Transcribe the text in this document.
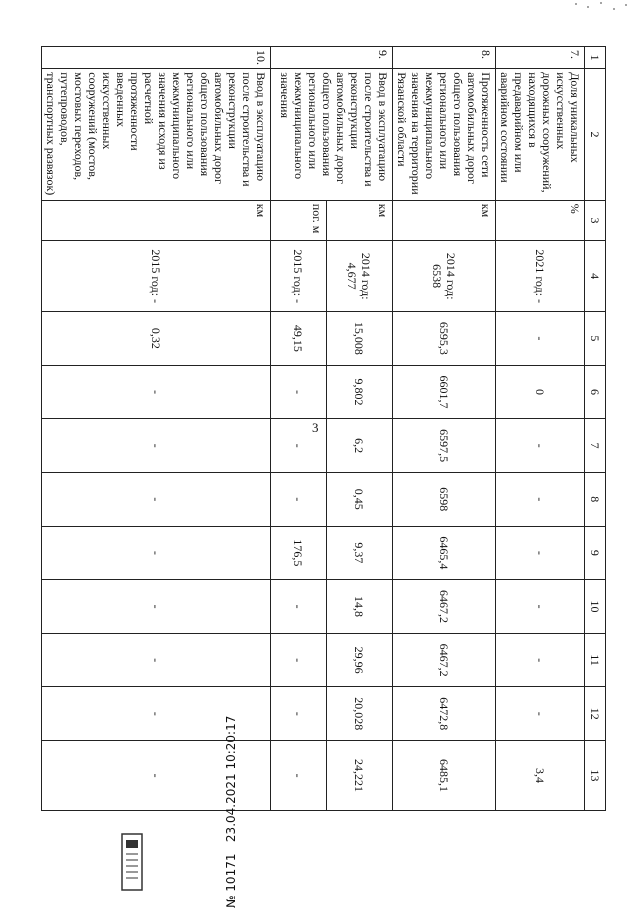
3
1	2	3	4	5	6	7	8	9	10	11	12	13
7.	Доля уникальных искусственных дорожных сооружений, находящихся в предаварийном или аварийном состоянии	%	2021 год: -	-	0	-	-	-	-	-	-	3,4
8.	Протяженность сети автомобильных дорог общего пользования регионального или межмуниципального значения на территории Рязанской области	км	2014 год: 6538	6595,3	6601,7	6597,5	6598	6465,4	6467,2	6467,2	6472,8	6485,1
9.	Ввод в эксплуатацию после строительства и реконструкции автомобильных дорог общего пользования регионального или межмуниципального значения	км	2014 год: 4,677	15,008	9,802	6,2	0,45	9,37	14,8	29,96	20,028	24,221
		пог. м	2015 год: -	49,15	-	-	-	176,5	-	-	-	-
10.	Ввод в эксплуатацию после строительства и реконструкции автомобильных дорог общего пользования регионального или межмуниципального значения исходя из расчетной протяженности введенных искусственных сооружений (мостов, мостовых переходов, путепроводов, транспортных развязок)	км	2015 год: -	0,32	-	-	-	-	-	-	-	-
№ 10171   23.04.2021 10:20:17
